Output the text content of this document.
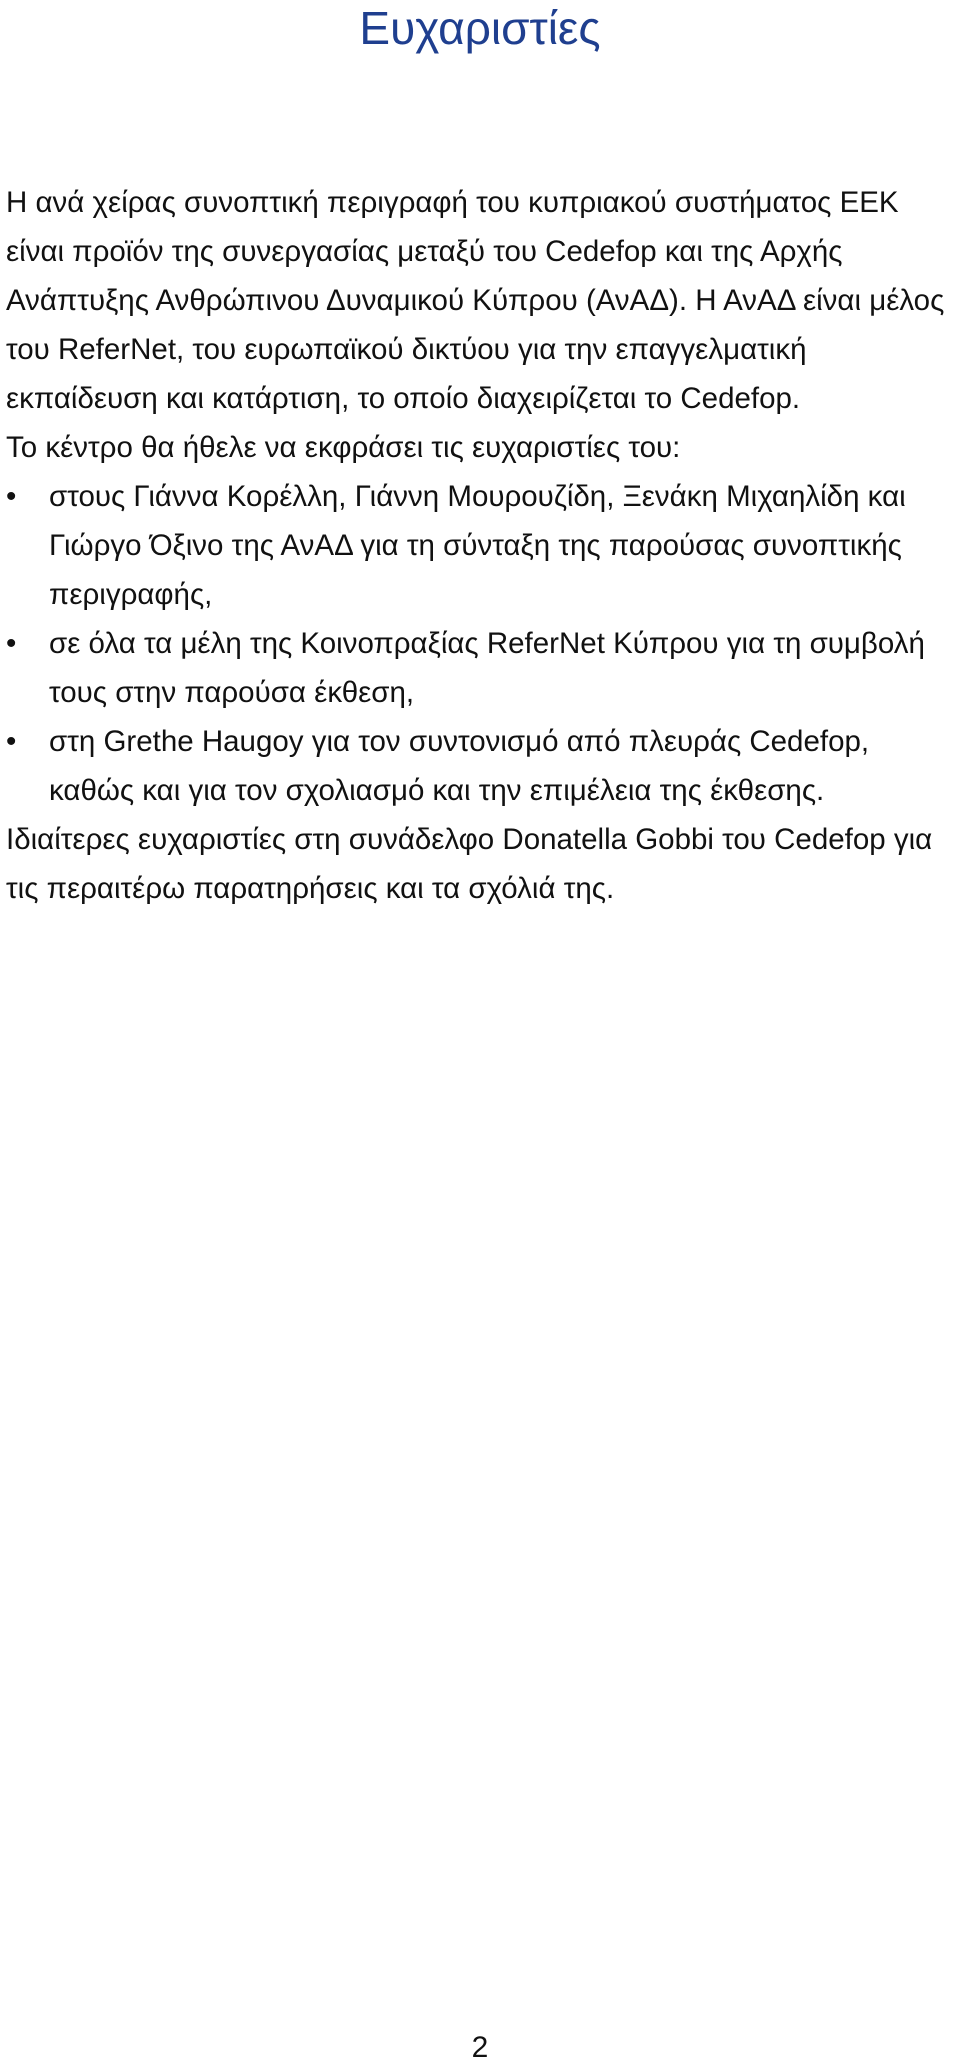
Ευχαριστίες

Η ανά χείρας συνοπτική περιγραφή του κυπριακού συστήματος ΕΕΚ είναι προϊόν της συνεργασίας μεταξύ του Cedefop και της Αρχής Ανάπτυξης Ανθρώπινου Δυναμικού Κύπρου (ΑνΑΔ). Η ΑνΑΔ είναι μέλος του ReferNet, του ευρωπαϊκού δικτύου για την επαγγελματική εκπαίδευση και κατάρτιση, το οποίο διαχειρίζεται το Cedefop.

Το κέντρο θα ήθελε να εκφράσει τις ευχαριστίες του:

•	στους Γιάννα Κορέλλη, Γιάννη Μουρουζίδη, Ξενάκη Μιχαηλίδη και Γιώργο Όξινο της ΑνΑΔ για τη σύνταξη της παρούσας συνοπτικής περιγραφής,
•	σε όλα τα μέλη της Κοινοπραξίας ReferNet Κύπρου για τη συμβολή τους στην παρούσα έκθεση,
•	στη Grethe Haugoy για τον συντονισμό από πλευράς Cedefop, καθώς και για τον σχολιασμό και την επιμέλεια της έκθεσης.

Ιδιαίτερες ευχαριστίες στη συνάδελφο Donatella Gobbi του Cedefop για τις περαιτέρω παρατηρήσεις και τα σχόλιά της.

2
